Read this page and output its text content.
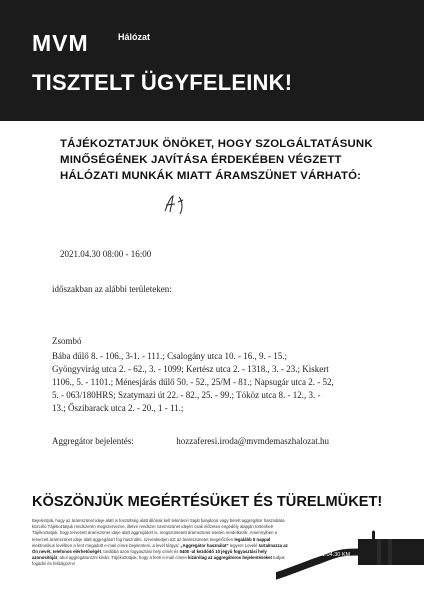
MVM	Hálózat
TISZTELT ÜGYFELEINK!
TÁJÉKOZTATJUK ÖNÖKET, HOGY SZOLGÁLTATÁSUNK
MINŐSÉGÉNEK JAVÍTÁSA ÉRDEKÉBEN VÉGZETT
HÁLÓZATI MUNKÁK MIATT ÁRAMSZÜNET VÁRHATÓ:
2021.04.30 08:00 - 16:00
időszakban az alábbi területeken:
Zsombó
Bába dűlő 8. - 106., 3-1. - 111.; Csalogány utca 10. - 16., 9. - 15.;
Gyöngyvirág utca 2. - 62., 3. - 1099; Kertész utca 2. - 1318., 3. - 23.; Kiskert
1106., 5. - 1101.; Ménesjárás dűlő 50. - 52., 25/M - 81.; Napsugár utca 2. - 52,
5. - 063/180HRS; Szatymazi út 22. - 82., 25. - 99.; Tóköz utca 8. - 12., 3. -
13.; Őszibarack utca 2. - 20., 1 - 11.;
Aggregátor bejelentés:	hozzaferesi.iroda@mvmdemaszhalozat.hu
KÖSZÖNJÜK MEGÉRTÉSÜKET ÉS TÜRELMÜKET!
Bejelentjük, hogy az áramszünet ideje alatt is feszültség alatt állónak kell tekinteni! Saját fulajdonú vagy bérelt aggregátor használata közcélú Tájékoztatjuk rendszerén megszervezve, illetve rendszer üzemszünet idején csak előzetes engedély alapján történhet! Tájékoztatjuk, hogy tervezett áramszünet ideje alatt aggregátort is, megszüntetett áramszünet esetén rendelkezik. Amennyiben a tervezett áramszünet ideje alatt aggregátort fog használni, szíveskedjen azt az áramszünetet megelőzően legalább 5 nappal elektronikus levélben a fent megadott e-mail címre bejelenteni, a levél tárgya: „Aggregátor használat” legyen! Levelé tartalmazza az Ön nevét, telefonos elérhetőségét, továbbá azon fogyasztási hely címét és 0400 -al kezdődő 10 jegyű fogyasztási hely azonosítóját, ahol aggregátorozni kíván. Tájékoztatjuk, hogy a fenti e-mail címen kizárólag az aggregátoros bejelentéseket tudjuk fogadni és feldolgozni!
Zsombó ÁS: 2021.04.30 KM
